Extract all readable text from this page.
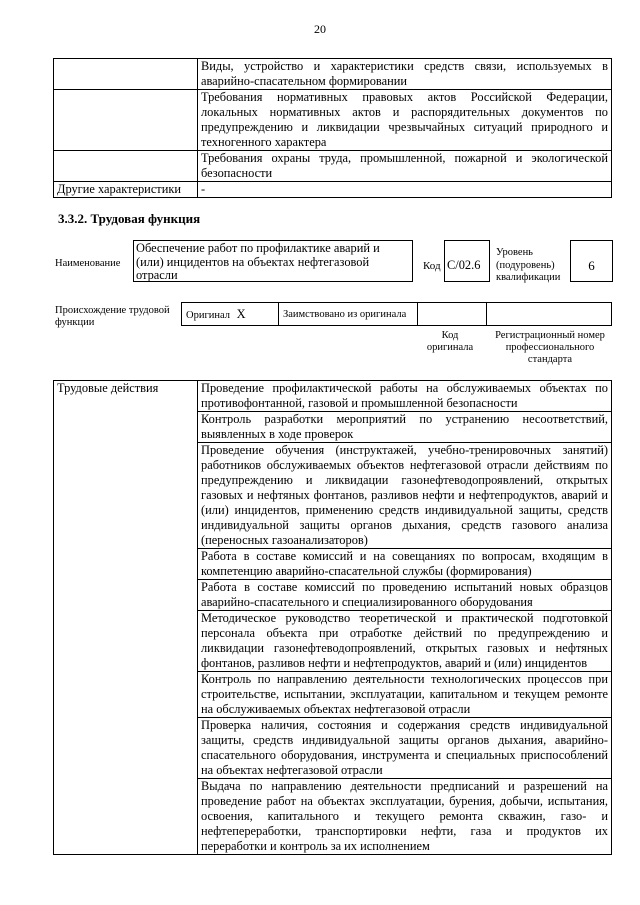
20
	Виды, устройство и характеристики средств связи, используемых в аварийно-спасательном формировании
	Требования нормативных правовых актов Российской Федерации, локальных нормативных актов и распорядительных документов по предупреждению и ликвидации чрезвычайных ситуаций природного и техногенного характера
	Требования охраны труда, промышленной, пожарной и экологической безопасности
Другие характеристики	-
3.3.2. Трудовая функция
Наименование
Обеспечение работ по профилактике аварий и (или) инцидентов на объектах нефтегазовой отрасли
Код C/02.6
Уровень (подуровень) квалификации
6
Происхождение трудовой функции
Оригинал X	Заимствовано из оригинала		
Код оригинала
Регистрационный номер профессионального стандарта
Трудовые действия	Проведение профилактической работы на обслуживаемых объектах по противофонтанной, газовой и промышленной безопасности
Контроль разработки мероприятий по устранению несоответствий, выявленных в ходе проверок
Проведение обучения (инструктажей, учебно-тренировочных занятий) работников обслуживаемых объектов нефтегазовой отрасли действиям по предупреждению и ликвидации газонефтеводопроявлений, открытых газовых и нефтяных фонтанов, разливов нефти и нефтепродуктов, аварий и (или) инцидентов, применению средств индивидуальной защиты, средств индивидуальной защиты органов дыхания, средств газового анализа (переносных газоанализаторов)
Работа в составе комиссий и на совещаниях по вопросам, входящим в компетенцию аварийно-спасательной службы (формирования)
Работа в составе комиссий по проведению испытаний новых образцов аварийно-спасательного и специализированного оборудования
Методическое руководство теоретической и практической подготовкой персонала объекта при отработке действий по предупреждению и ликвидации газонефтеводопроявлений, открытых газовых и нефтяных фонтанов, разливов нефти и нефтепродуктов, аварий и (или) инцидентов
Контроль по направлению деятельности технологических процессов при строительстве, испытании, эксплуатации, капитальном и текущем ремонте на обслуживаемых объектах нефтегазовой отрасли
Проверка наличия, состояния и содержания средств индивидуальной защиты, средств индивидуальной защиты органов дыхания, аварийно-спасательного оборудования, инструмента и специальных приспособлений на объектах нефтегазовой отрасли
Выдача по направлению деятельности предписаний и разрешений на проведение работ на объектах эксплуатации, бурения, добычи, испытания, освоения, капитального и текущего ремонта скважин, газо- и нефтепереработки, транспортировки нефти, газа и продуктов их переработки и контроль за их исполнением
